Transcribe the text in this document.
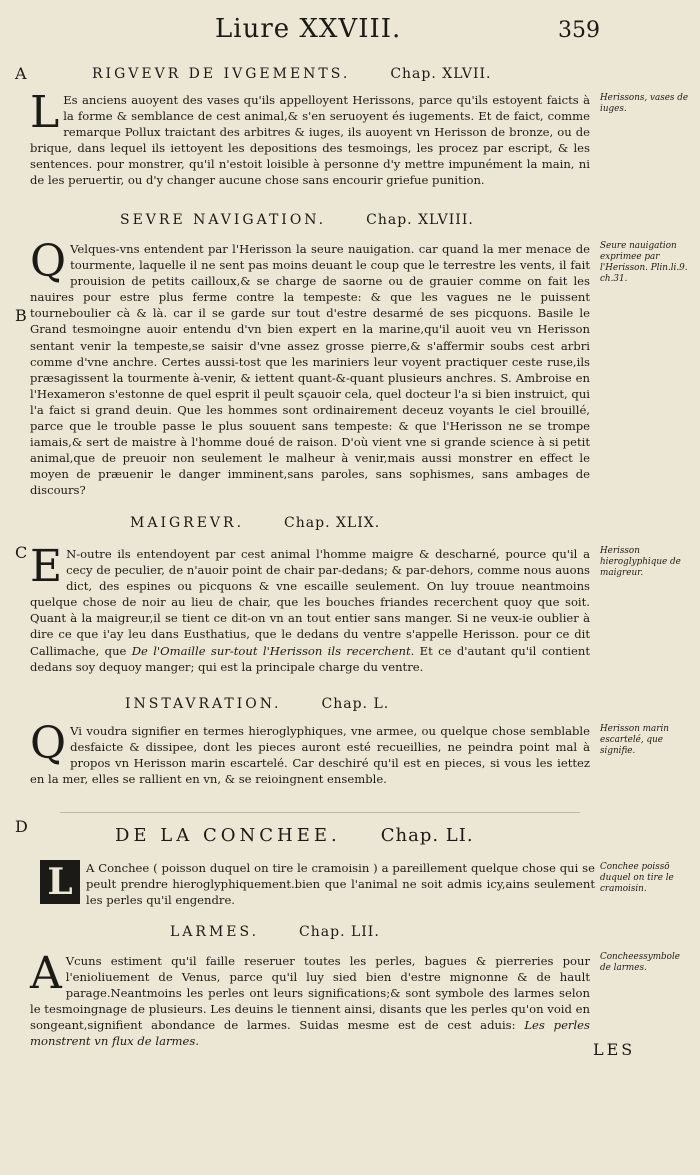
Liure XXVIII.	359
A
B
C
D
RIGVEVR DE IVGEMENTS.	Chap. XLVII.

L Es anciens auoyent des vases qu'ils appelloyent Herissons, parce qu'ils estoyent faicts à la forme & semblance de cest animal,& s'en seruoyent és iugements. Et de faict, comme remarque Pollux traictant des arbitres & iuges, ils auoyent vn Herisson de bronze, ou de brique, dans lequel ils iettoyent les depositions des tesmoings, les procez par escript, & les sentences. pour monstrer, qu'il n'estoit loisible à personne d'y mettre impunément la main, ni de les peruertir, ou d'y changer aucune chose sans encourir griefue punition.

Herissons, vases de iuges.
SEVRE NAVIGATION.	Chap. XLVIII.

Q Velques-vns entendent par l'Herisson la seure nauigation. car quand la mer menace de tourmente, laquelle il ne sent pas moins deuant le coup que le terrestre les vents, il fait prouision de petits cailloux,& se charge de saorne ou de grauier comme on fait les nauires pour estre plus ferme contre la tempeste: & que les vagues ne le puissent tourneboulier cà & là. car il se garde sur tout d'estre desarmé de ses picquons. Basile le Grand tesmoingne auoir entendu d'vn bien expert en la marine,qu'il auoit veu vn Herisson sentant venir la tempeste,se saisir d'vne assez grosse pierre,& s'affermir soubs cest arbri comme d'vne anchre. Certes aussi-tost que les mariniers leur voyent practiquer ceste ruse,ils præsagissent la tourmente à-venir, & iettent quant-&-quant plusieurs anchres. S. Ambroise en l'Hexameron s'estonne de quel esprit il peult sçauoir cela, quel docteur l'a si bien instruict, qui l'a faict si grand deuin. Que les hommes sont ordinairement deceuz voyants le ciel brouillé, parce que le trouble passe le plus souuent sans tempeste: & que l'Herisson ne se trompe iamais,& sert de maistre à l'homme doué de raison. D'où vient vne si grande science à si petit animal,que de preuoir non seulement le malheur à venir,mais aussi monstrer en effect le moyen de præuenir le danger imminent,sans paroles, sans sophismes, sans ambages de discours?

Seure nauigation exprimee par l'Herisson. Plin.li.9. ch.31.
MAIGREVR.	Chap. XLIX.

E N-outre ils entendoyent par cest animal l'homme maigre & descharné, pource qu'il a cecy de peculier, de n'auoir point de chair par-dedans; & par-dehors, comme nous auons dict, des espines ou picquons & vne escaille seulement. On luy trouue neantmoins quelque chose de noir au lieu de chair, que les bouches friandes recerchent quoy que soit. Quant à la maigreur,il se tient ce dit-on vn an tout entier sans manger. Si ne veux-ie oublier à dire ce que i'ay leu dans Eusthatius, que le dedans du ventre s'appelle Herisson. pour ce dit Callimache, que De l'Omaille sur-tout l'Herisson ils recerchent. Et ce d'autant qu'il contient dedans soy dequoy manger; qui est la principale charge du ventre.

Herisson hieroglyphique de maigreur.
INSTAVRATION.	Chap. L.

Q Vi voudra signifier en termes hieroglyphiques, vne armee, ou quelque chose semblable desfaicte & dissipee, dont les pieces auront esté recueillies, ne peindra point mal à propos vn Herisson marin escartelé. Car deschiré qu'il est en pieces, si vous les iettez en la mer, elles se rallient en vn, & se reioingnent ensemble.

Herisson marin escartelé, que signifie.
DE LA CONCHEE. Chap. LI.

L	A Conchee ( poisson duquel on tire le cramoisin ) a pareillement quelque chose qui se peult prendre hieroglyphiquement.bien que l'animal ne soit admis icy,ains seulement les perles qu'il engendre.

Conchee poissō duquel on tire le cramoisin.
LARMES.	Chap. LII.

A Vcuns estiment qu'il faille reseruer toutes les perles, bagues & pierreries pour l'enioliuement de Venus, parce qu'il luy sied bien d'estre mignonne & de hault parage.Neantmoins les perles ont leurs significations;& sont symbole des larmes selon le tesmoingnage de plusieurs. Les deuins le tiennent ainsi, disants que les perles qu'on void en songeant,signifient abondance de larmes. Suidas mesme est de cest aduis: Les perles monstrent vn flux de larmes.

Concheessymbole de larmes.
LES
